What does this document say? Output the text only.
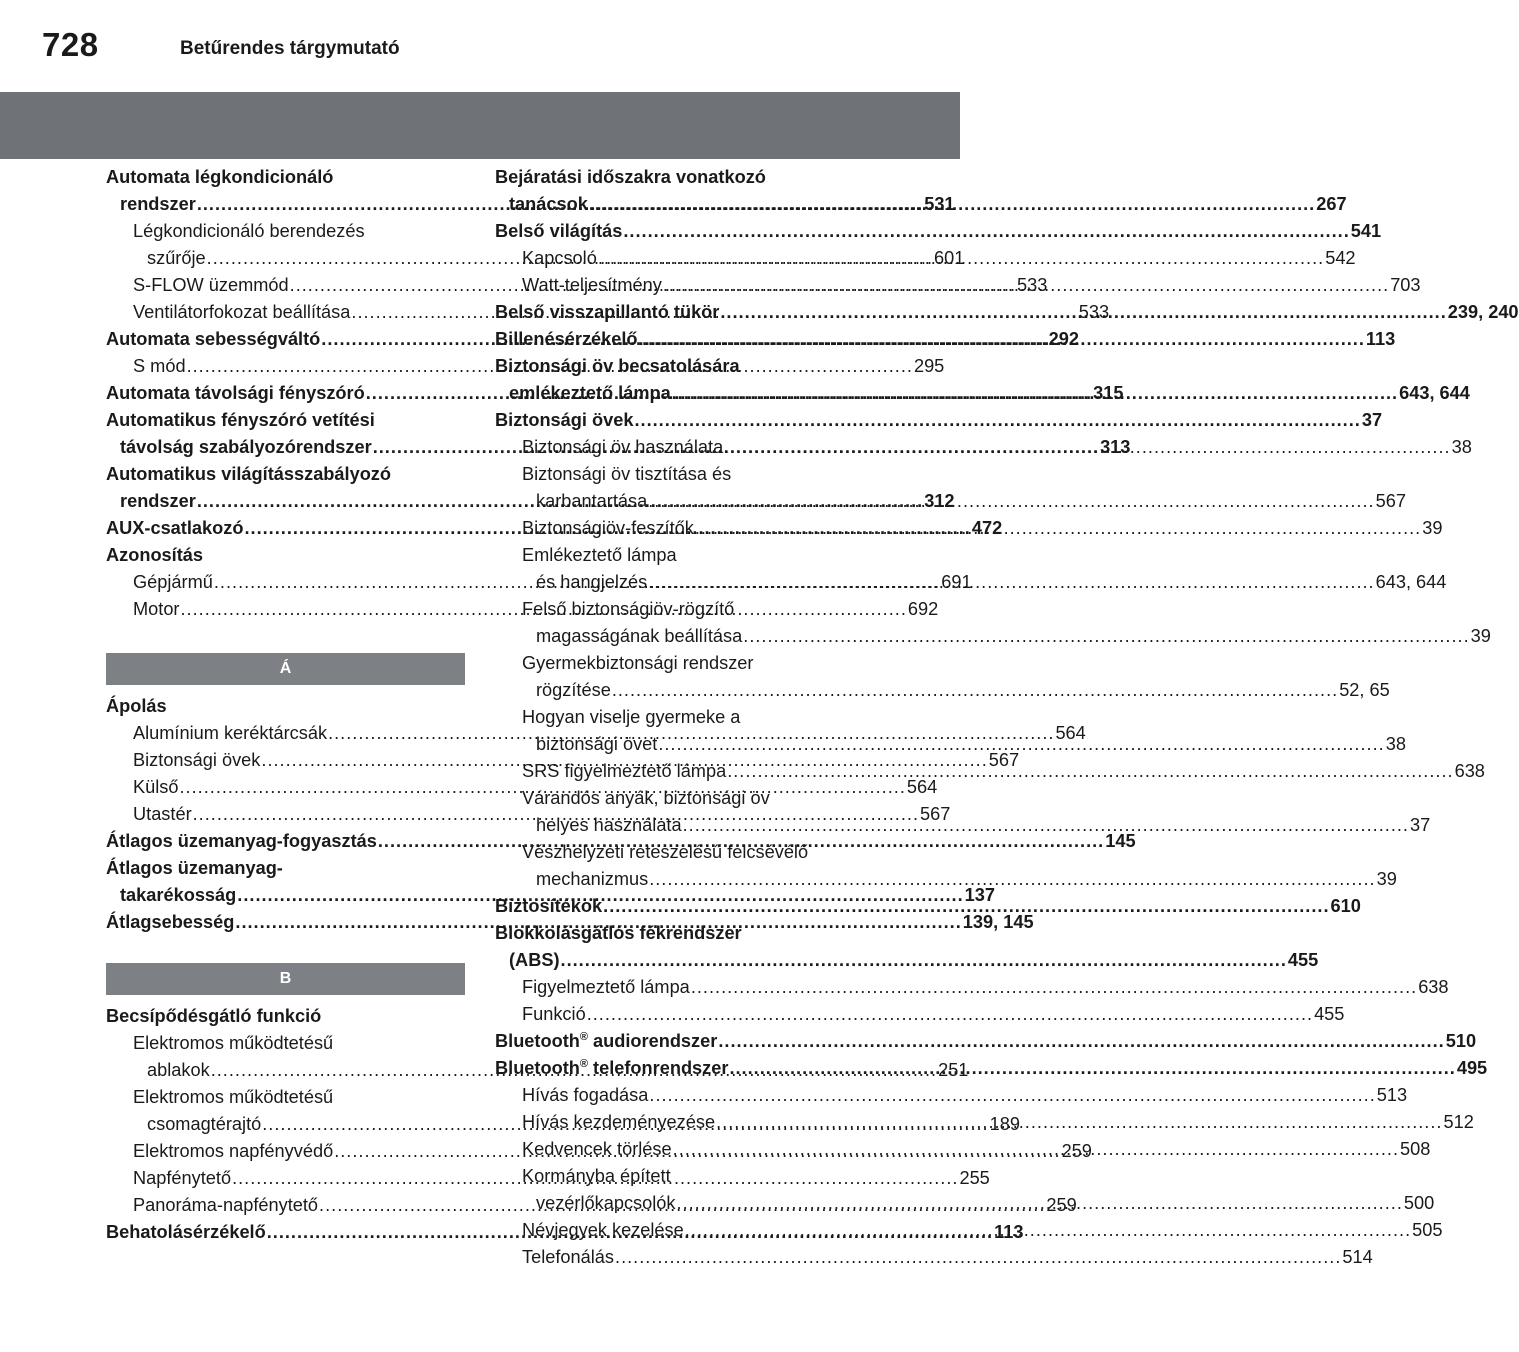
728	Betűrendes tárgymutató
Automata légkondicionáló
rendszer .....	531
Légkondicionáló berendezés
szűrője .....	601
S-FLOW üzemmód .....	533
Ventilátorfokozat beállítása .....	533
Automata sebességváltó .....	292
S mód .....	295
Automata távolsági fényszóró .....	315
Automatikus fényszóró vetítési
távolság szabályozórendszer .....	313
Automatikus világításszabályozó
rendszer .....	312
AUX-csatlakozó .....	472
Azonosítás
Gépjármű .....	691
Motor .....	692
Á
Ápolás
Alumínium keréktárcsák .....	564
Biztonsági övek .....	567
Külső .....	564
Utastér .....	567
Átlagos üzemanyag-fogyasztás .....	145
Átlagos üzemanyag-
takarékosság .....	137
Átlagsebesség .....	139, 145
B
Becsípődésgátló funkció
Elektromos működtetésű
ablakok .....	251
Elektromos működtetésű
csomagtérajtó .....	189
Elektromos napfényvédő .....	259
Napfénytető .....	255
Panoráma-napfénytető .....	259
Behatolásérzékelő .....	113
Bejáratási időszakra vonatkozó
tanácsok .....	267
Belső világítás .....	541
Kapcsoló .....	542
Watt-teljesítmény .....	703
Belső visszapillantó tükör .....	239, 240
Billenésérzékelő .....	113
Biztonsági öv becsatolására
emlékeztető lámpa .....	643, 644
Biztonsági övek .....	37
Biztonsági öv használata .....	38
Biztonsági öv tisztítása és
karbantartása .....	567
Biztonságiöv-feszítők .....	39
Emlékeztető lámpa
és hangjelzés .....	643, 644
Felső biztonságiöv-rögzítő
magasságának beállítása .....	39
Gyermekbiztonsági rendszer
rögzítése .....	52, 65
Hogyan viselje gyermeke a
biztonsági övet .....	38
SRS figyelmeztető lámpa .....	638
Várandós anyák, biztonsági öv
helyes használata .....	37
Vészhelyzeti reteszelésű felcsévélő
mechanizmus .....	39
Biztosítékok .....	610
Blokkolásgátlós fékrendszer
(ABS) .....	455
Figyelmeztető lámpa .....	638
Funkció .....	455
Bluetooth® audiorendszer .....	510
Bluetooth® telefonrendszer .....	495
Hívás fogadása .....	513
Hívás kezdeményezése .....	512
Kedvencek törlése .....	508
Kormányba épített
vezérlőkapcsolók .....	500
Névjegyek kezelése .....	505
Telefonálás .....	514
